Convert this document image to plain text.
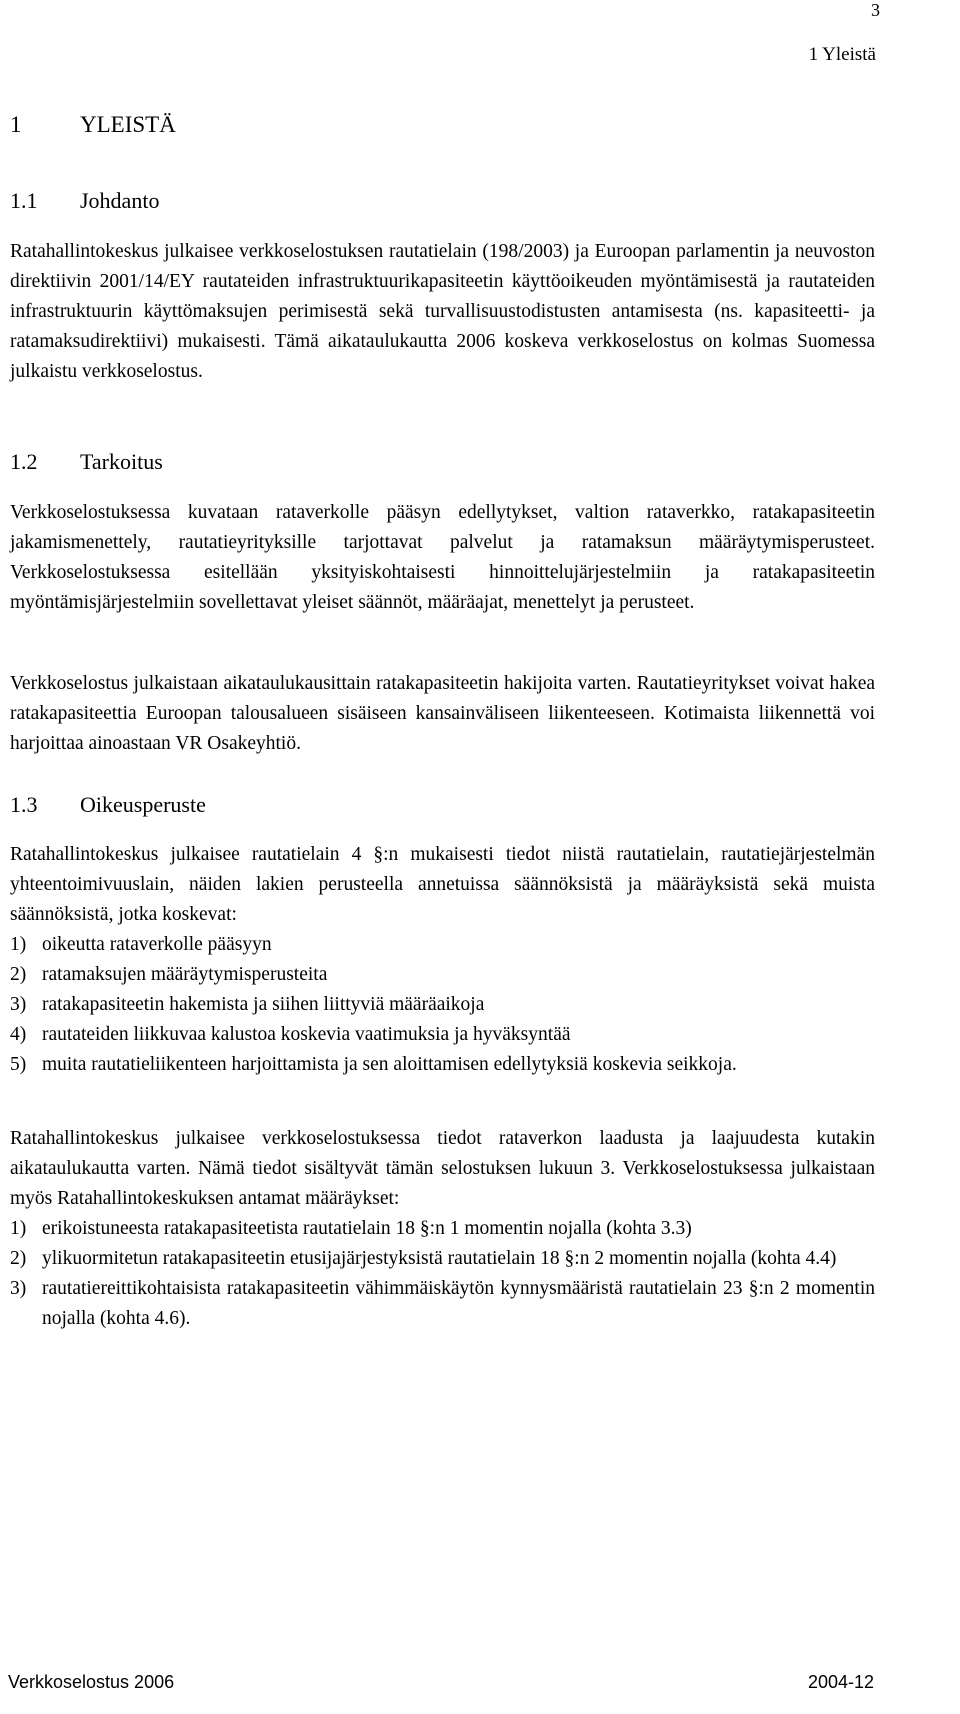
3
1 Yleistä
1	YLEISTÄ
1.1 Johdanto
Ratahallintokeskus julkaisee verkkoselostuksen rautatielain (198/2003) ja Euroopan parlamentin ja neuvoston direktiivin 2001/14/EY rautateiden infrastruktuurikapasiteetin käyttöoikeuden myöntämisestä ja rautateiden infrastruktuurin käyttömaksujen perimisestä sekä turvallisuustodistusten antamisesta (ns. kapasiteetti- ja ratamaksudirektiivi) mukaisesti. Tämä aikataulukautta 2006 koskeva verkkoselostus on kolmas Suomessa julkaistu verkkoselostus.
1.2 Tarkoitus
Verkkoselostuksessa kuvataan rataverkolle pääsyn edellytykset, valtion rataverkko, ratakapasiteetin jakamismenettely, rautatieyrityksille tarjottavat palvelut ja ratamaksun määräytymisperusteet. Verkkoselostuksessa esitellään yksityiskohtaisesti hinnoittelujärjestelmiin ja ratakapasiteetin myöntämisjärjestelmiin sovellettavat yleiset säännöt, määräajat, menettelyt ja perusteet.
Verkkoselostus julkaistaan aikataulukausittain ratakapasiteetin hakijoita varten. Rautatieyritykset voivat hakea ratakapasiteettia Euroopan talousalueen sisäiseen kansainväliseen liikenteeseen. Kotimaista liikennettä voi harjoittaa ainoastaan VR Osakeyhtiö.
1.3 Oikeusperuste
Ratahallintokeskus julkaisee rautatielain 4 §:n mukaisesti tiedot niistä rautatielain, rautatiejärjestelmän yhteentoimivuuslain, näiden lakien perusteella annetuissa säännöksistä ja määräyksistä sekä muista säännöksistä, jotka koskevat:
1) oikeutta rataverkolle pääsyyn
2) ratamaksujen määräytymisperusteita
3) ratakapasiteetin hakemista ja siihen liittyviä määräaikoja
4) rautateiden liikkuvaa kalustoa koskevia vaatimuksia ja hyväksyntää
5) muita rautatieliikenteen harjoittamista ja sen aloittamisen edellytyksiä koskevia seikkoja.
Ratahallintokeskus julkaisee verkkoselostuksessa tiedot rataverkon laadusta ja laajuudesta kutakin aikataulukautta varten. Nämä tiedot sisältyvät tämän selostuksen lukuun 3. Verkkoselostuksessa julkaistaan myös Ratahallintokeskuksen antamat määräykset:
1) erikoistuneesta ratakapasiteetista rautatielain 18 §:n 1 momentin nojalla (kohta 3.3)
2) ylikuormitetun ratakapasiteetin etusijajärjestyksistä rautatielain 18 §:n 2 momentin nojalla (kohta 4.4)
3) rautatiereittikohtaisista ratakapasiteetin vähimmäiskäytön kynnysmääristä rautatielain 23 §:n 2 momentin nojalla (kohta 4.6).
Verkkoselostus 2006	2004-12
